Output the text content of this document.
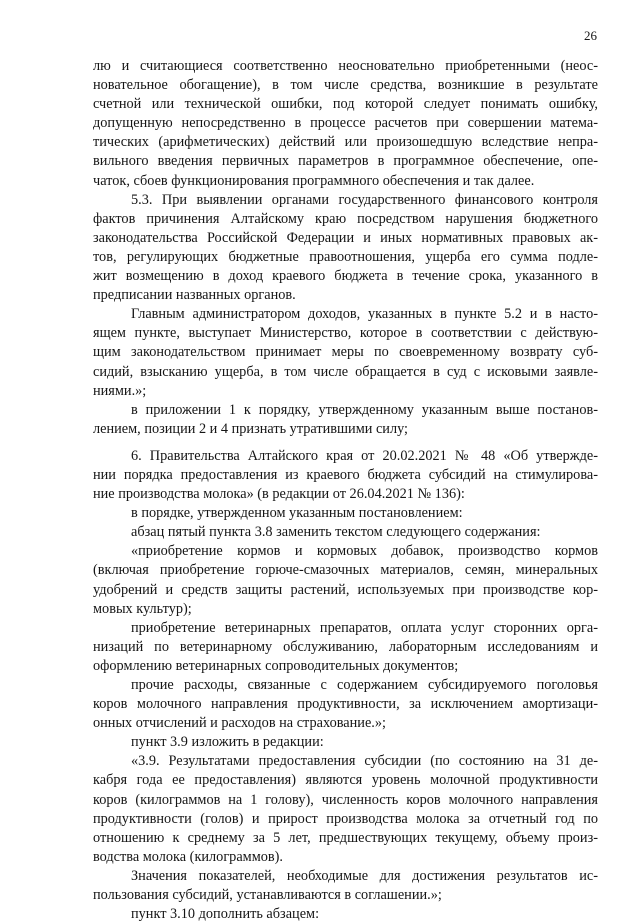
26
лю и считающиеся соответственно неосновательно приобретенными (неос-
новательное обогащение), в том числе средства, возникшие в результате
счетной или технической ошибки, под которой следует понимать ошибку,
допущенную непосредственно в процессе расчетов при совершении матема-
тических (арифметических) действий или произошедшую вследствие непра-
вильного введения первичных параметров в программное обеспечение, опе-
чаток, сбоев функционирования программного обеспечения и так далее.
5.3. При выявлении органами государственного финансового контроля
фактов причинения Алтайскому краю посредством нарушения бюджетного
законодательства Российской Федерации и иных нормативных правовых ак-
тов, регулирующих бюджетные правоотношения, ущерба его сумма подле-
жит возмещению в доход краевого бюджета в течение срока, указанного в
предписании названных органов.
Главным администратором доходов, указанных в пункте 5.2 и в насто-
ящем пункте, выступает Министерство, которое в соответствии с действую-
щим законодательством принимает меры по своевременному возврату суб-
сидий, взысканию ущерба, в том числе обращается в суд с исковыми заявле-
ниями.»;
в приложении 1 к порядку, утвержденному указанным выше постанов-
лением, позиции 2 и 4 признать утратившими силу;
6. Правительства Алтайского края от 20.02.2021 № 48 «Об утвержде-
нии порядка предоставления из краевого бюджета субсидий на стимулирова-
ние производства молока» (в редакции от 26.04.2021 № 136):
в порядке, утвержденном указанным постановлением:
абзац пятый пункта 3.8 заменить текстом следующего содержания:
«приобретение кормов и кормовых добавок, производство кормов
(включая приобретение горюче-смазочных материалов, семян, минеральных
удобрений и средств защиты растений, используемых при производстве кор-
мовых культур);
приобретение ветеринарных препаратов, оплата услуг сторонних орга-
низаций по ветеринарному обслуживанию, лабораторным исследованиям и
оформлению ветеринарных сопроводительных документов;
прочие расходы, связанные с содержанием субсидируемого поголовья
коров молочного направления продуктивности, за исключением амортизаци-
онных отчислений и расходов на страхование.»;
пункт 3.9 изложить в редакции:
«3.9. Результатами предоставления субсидии (по состоянию на 31 де-
кабря года ее предоставления) являются уровень молочной продуктивности
коров (килограммов на 1 голову), численность коров молочного направления
продуктивности (голов) и прирост производства молока за отчетный год по
отношению к среднему за 5 лет, предшествующих текущему, объему произ-
водства молока (килограммов).
Значения показателей, необходимые для достижения результатов ис-
пользования субсидий, устанавливаются в соглашении.»;
пункт 3.10 дополнить абзацем:
